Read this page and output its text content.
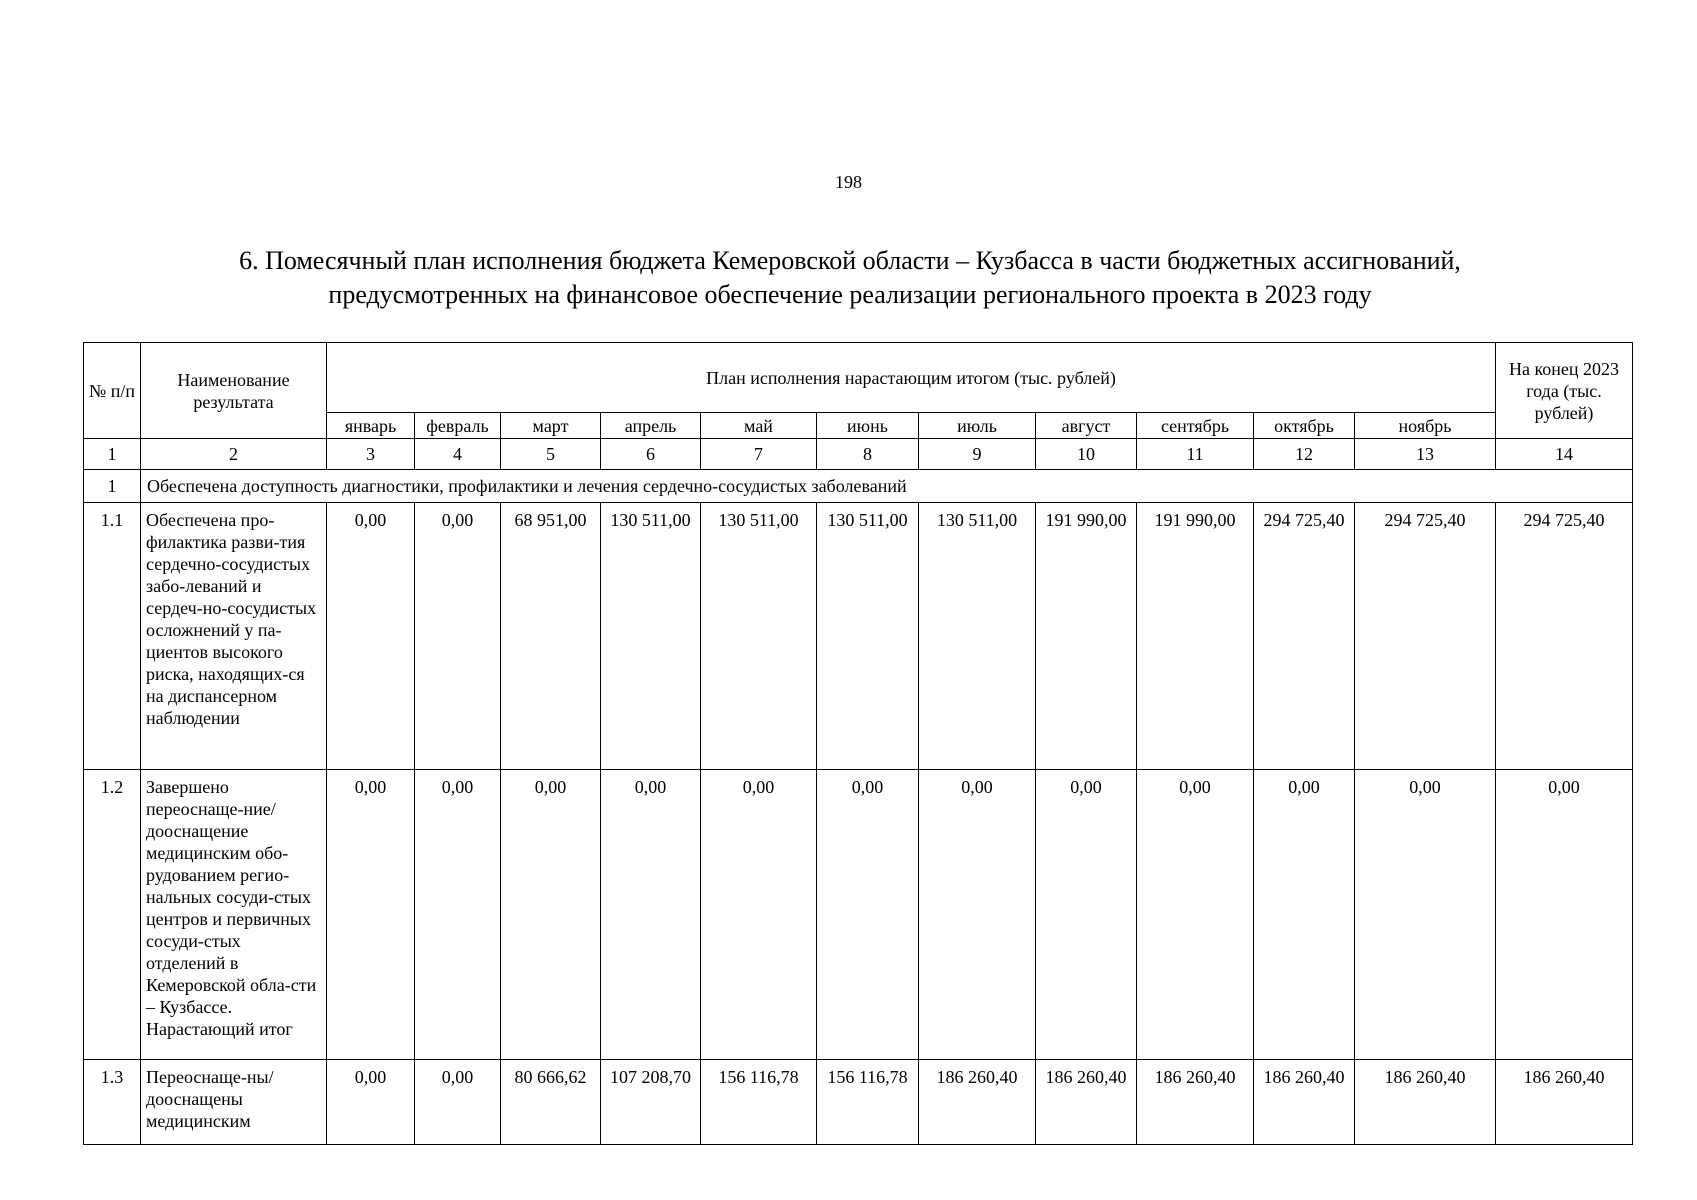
198
6. Помесячный план исполнения бюджета Кемеровской области – Кузбасса в части бюджетных ассигнований,
предусмотренных на финансовое обеспечение реализации регионального проекта в 2023 году
№ п/п	Наименование результата	План исполнения нарастающим итогом (тыс. рублей)											На конец 2023 года (тыс. рублей)
		январь	февраль	март	апрель	май	июнь	июль	август	сентябрь	октябрь	ноябрь	
1	2	3	4	5	6	7	8	9	10	11	12	13	14
1	Обеспечена доступность диагностики, профилактики и лечения сердечно-сосудистых заболеваний												
1.1	Обеспечена про-филактика разви-тия сердечно-сосудистых забо-леваний и сердеч-но-сосудистых осложнений у па-циентов высокого риска, находящих-ся на диспансерном наблюдении	0,00	0,00	68 951,00	130 511,00	130 511,00	130 511,00	130 511,00	191 990,00	191 990,00	294 725,40	294 725,40	294 725,40
1.2	Завершено переоснаще-ние/дооснащение медицинским обо-рудованием регио-нальных сосуди-стых центров и первичных сосуди-стых отделений в Кемеровской обла-сти – Кузбассе. Нарастающий итог	0,00	0,00	0,00	0,00	0,00	0,00	0,00	0,00	0,00	0,00	0,00	0,00
1.3	Переоснаще-ны/дооснащены медицинским	0,00	0,00	80 666,62	107 208,70	156 116,78	156 116,78	186 260,40	186 260,40	186 260,40	186 260,40	186 260,40	186 260,40
